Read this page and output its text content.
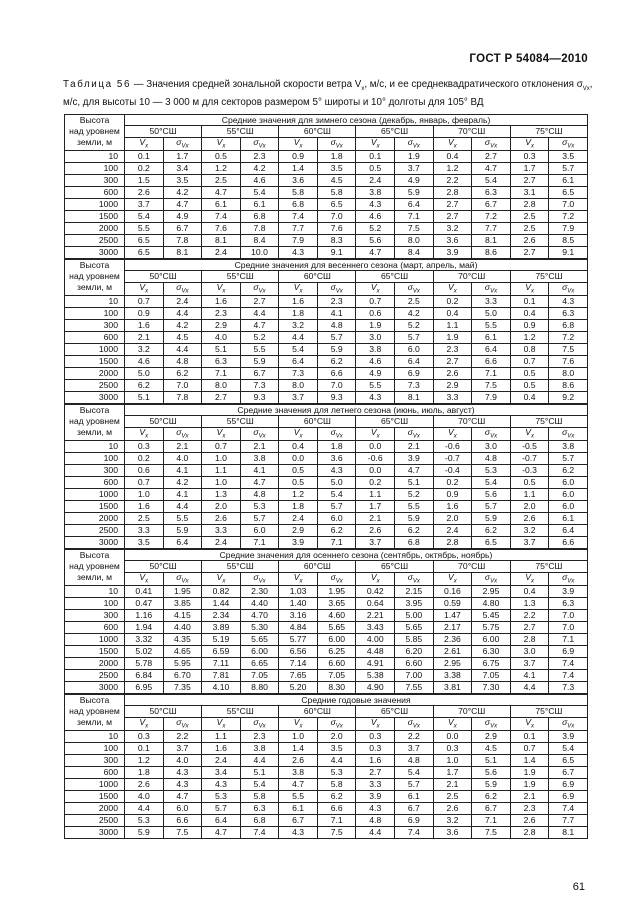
ГОСТ Р 54084—2010
Таблица 56 — Значения средней зональной скорости ветра $V_x$, м/с, и ее среднеквадратического отклонения $\sigma_{Vx}$, м/с, для высоты 10 — 3 000 м для секторов размером 5° широты и 10° долготы для 105° ВД
Высота
над уровнем
земли, м	Средние значения для зимнего сезона (декабрь, январь, февраль)											
	50°СШ		55°СШ		60°СШ		65°СШ		70°СШ		75°СШ	
	$V_x$	$\sigma_{Vx}$	$V_x$	$\sigma_{Vx}$	$V_x$	$\sigma_{Vx}$	$V_x$	$\sigma_{Vx}$	$V_x$	$\sigma_{Vx}$	$V_x$	$\sigma_{Vx}$
10	0.1	1.7	0.5	2.3	0.9	1.8	0.1	1.9	0.4	2.7	0.3	3.5
100	0.2	3.4	1.2	4.2	1.4	3.5	0.5	3.7	1.2	4.7	1.7	5.7
300	1.5	3.5	2.5	4.6	3.6	4.5	2.4	4.9	2.2	5.4	2.7	6.1
600	2.6	4.2	4.7	5.4	5.8	5.8	3.8	5.9	2.8	6.3	3.1	6.5
1000	3.7	4.7	6.1	6.1	6.8	6.5	4.3	6.4	2.7	6.7	2.8	7.0
1500	5.4	4.9	7.4	6.8	7.4	7.0	4.6	7.1	2.7	7.2	2.5	7.2
2000	5.5	6.7	7.6	7.8	7.7	7.6	5.2	7.5	3.2	7.7	2.5	7.9
2500	6.5	7.8	8.1	8.4	7.9	8.3	5.6	8.0	3.6	8.1	2.6	8.5
3000	6.5	8.1	2.4	10.0	4.3	9.1	4.7	8.4	3.9	8.6	2.7	9.1
Высота
над уровнем
земли, м	Средние значения для весеннего сезона (март, апрель, май)											
	50°СШ		55°СШ		60°СШ		65°СШ		70°СШ		75°СШ	
	$V_x$	$\sigma_{Vx}$	$V_x$	$\sigma_{Vx}$	$V_x$	$\sigma_{Vx}$	$V_x$	$\sigma_{Vx}$	$V_x$	$\sigma_{Vx}$	$V_x$	$\sigma_{Vx}$
10	0.7	2.4	1.6	2.7	1.6	2.3	0.7	2.5	0.2	3.3	0.1	4.3
100	0.9	4.4	2.3	4.4	1.8	4.1	0.6	4.2	0.4	5.0	0.4	6.3
300	1.6	4.2	2.9	4.7	3.2	4.8	1.9	5.2	1.1	5.5	0.9	6.8
600	2.1	4.5	4.0	5.2	4.4	5.7	3.0	5.7	1.9	6.1	1.2	7.2
1000	3.2	4.4	5.1	5.5	5.4	5.9	3.8	6.0	2.3	6.4	0.8	7.5
1500	4.6	4.8	6.3	5.9	6.4	6.2	4.6	6.4	2.7	6.6	0.7	7.6
2000	5.0	6.2	7.1	6.7	7.3	6.6	4.9	6.9	2.6	7.1	0.5	8.0
2500	6.2	7.0	8.0	7.3	8.0	7.0	5.5	7.3	2.9	7.5	0.5	8.6
3000	5.1	7.8	2.7	9.3	3.7	9.3	4.3	8.1	3.3	7.9	0.4	9.2
Высота
над уровнем
земли, м	Средние значения для летнего сезона (июнь, июль, август)											
	50°СШ		55°СШ		60°СШ		65°СШ		70°СШ		75°СШ	
	$V_x$	$\sigma_{Vx}$	$V_x$	$\sigma_{Vx}$	$V_x$	$\sigma_{Vx}$	$V_x$	$\sigma_{Vx}$	$V_x$	$\sigma_{Vx}$	$V_x$	$\sigma_{Vx}$
10	0.3	2.1	0.7	2.1	0.4	1.8	0.0	2.1	-0.6	3.0	-0.5	3.8
100	0.2	4.0	1.0	3.8	0.0	3.6	-0.6	3.9	-0.7	4.8	-0.7	5.7
300	0.6	4.1	1.1	4.1	0.5	4.3	0.0	4.7	-0.4	5.3	-0.3	6.2
600	0.7	4.2	1.0	4.7	0.5	5.0	0.2	5.1	0.2	5.4	0.5	6.0
1000	1.0	4.1	1.3	4.8	1.2	5.4	1.1	5.2	0.9	5.6	1.1	6.0
1500	1.6	4.4	2.0	5.3	1.8	5.7	1.7	5.5	1.6	5.7	2.0	6.0
2000	2.5	5.5	2.6	5.7	2.4	6.0	2.1	5.9	2.0	5.9	2.6	6.1
2500	3.3	5.9	3.3	6.0	2.9	6.2	2.6	6.2	2.4	6.2	3.2	6.4
3000	3.5	6.4	2.4	7.1	3.9	7.1	3.7	6.8	2.8	6.5	3.7	6.6
Высота
над уровнем
земли, м	Средние значения для осеннего сезона (сентябрь, октябрь, ноябрь)											
	50°СШ		55°СШ		60°СШ		65°СШ		70°СШ		75°СШ	
	$V_x$	$\sigma_{Vx}$	$V_x$	$\sigma_{Vx}$	$V_x$	$\sigma_{Vx}$	$V_x$	$\sigma_{Vx}$	$V_x$	$\sigma_{Vx}$	$V_x$	$\sigma_{Vx}$
10	0.41	1.95	0.82	2.30	1.03	1.95	0.42	2.15	0.16	2.95	0.4	3.9
100	0.47	3.85	1.44	4.40	1.40	3.65	0.64	3.95	0.59	4.80	1.3	6.3
300	1.16	4.15	2.34	4.70	3.16	4.60	2.21	5.00	1.47	5.45	2.2	7.0
600	1.94	4.40	3.89	5.30	4.84	5.65	3.43	5.65	2.17	5.75	2.7	7.0
1000	3.32	4.35	5.19	5.65	5.77	6.00	4.00	5.85	2.36	6.00	2.8	7.1
1500	5.02	4.65	6.59	6.00	6.56	6.25	4.48	6.20	2.61	6.30	3.0	6.9
2000	5.78	5.95	7.11	6.65	7.14	6.60	4.91	6.60	2.95	6.75	3.7	7.4
2500	6.84	6.70	7.81	7.05	7.65	7.05	5.38	7.00	3.38	7.05	4.1	7.4
3000	6.95	7.35	4.10	8.80	5.20	8.30	4.90	7.55	3.81	7.30	4.4	7.3
Высота
над уровнем
земли, м	Средние годовые значения											
	50°СШ		55°СШ		60°СШ		65°СШ		70°СШ		75°СШ	
	$V_x$	$\sigma_{Vx}$	$V_x$	$\sigma_{Vx}$	$V_x$	$\sigma_{Vx}$	$V_x$	$\sigma_{Vx}$	$V_x$	$\sigma_{Vx}$	$V_x$	$\sigma_{Vx}$
10	0.3	2.2	1.1	2.3	1.0	2.0	0.3	2.2	0.0	2.9	0.1	3.9
100	0.1	3.7	1.6	3.8	1.4	3.5	0.3	3.7	0.3	4.5	0.7	5.4
300	1.2	4.0	2.4	4.4	2.6	4.4	1.6	4.8	1.0	5.1	1.4	6.5
600	1.8	4.3	3.4	5.1	3.8	5.3	2.7	5.4	1.7	5.6	1.9	6.7
1000	2.6	4.3	4.3	5.4	4.7	5.8	3.3	5.7	2.1	5.9	1.9	6.9
1500	4.0	4.7	5.3	5.8	5.5	6.2	3.9	6.1	2.5	6.2	2.1	6.9
2000	4.4	6.0	5.7	6.3	6.1	6.6	4.3	6.7	2.6	6.7	2.3	7.4
2500	5.3	6.6	6.4	6.8	6.7	7.1	4.8	6.9	3.2	7.1	2.6	7.7
3000	5.9	7.5	4.7	7.4	4.3	7.5	4.4	7.4	3.6	7.5	2.8	8.1
61
